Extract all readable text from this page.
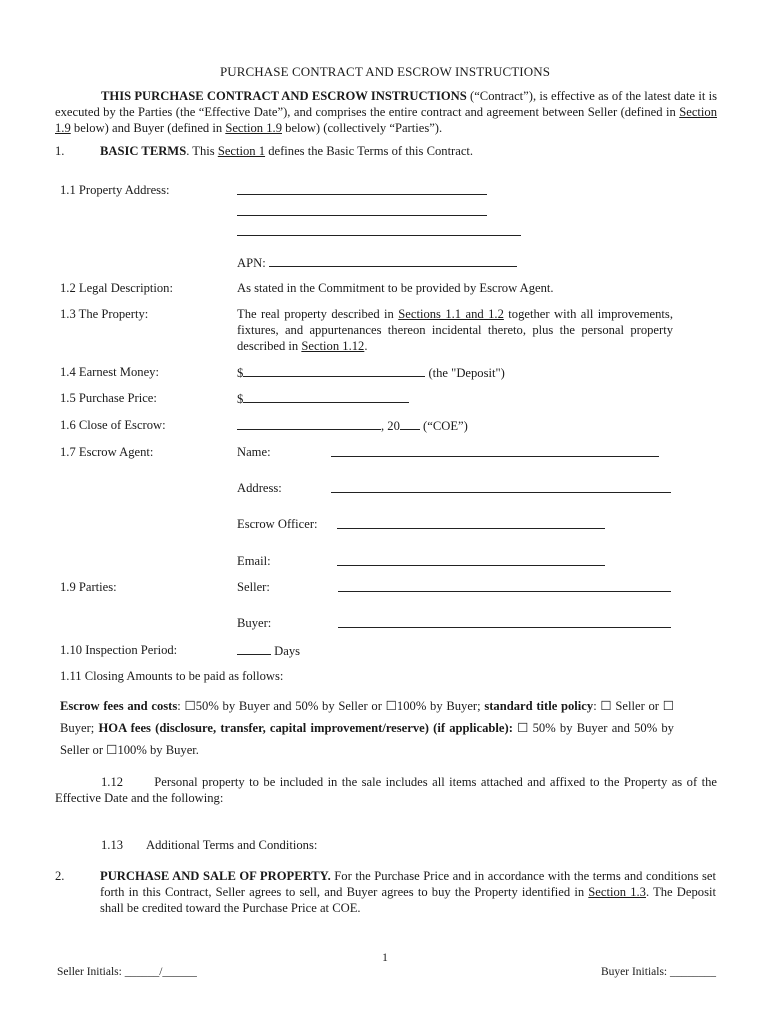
PURCHASE CONTRACT AND ESCROW INSTRUCTIONS
THIS PURCHASE CONTRACT AND ESCROW INSTRUCTIONS (“Contract”), is effective as of the latest date it is executed by the Parties (the “Effective Date”), and comprises the entire contract and agreement between Seller (defined in Section 1.9 below) and Buyer (defined in Section 1.9 below) (collectively “Parties”).
1.	BASIC TERMS. This Section 1 defines the Basic Terms of this Contract.
1.1 Property Address:
APN:
1.2 Legal Description:	As stated in the Commitment to be provided by Escrow Agent.
1.3 The Property:	The real property described in Sections 1.1 and 1.2 together with all improvements, fixtures, and appurtenances thereon incidental thereto, plus the personal property described in Section 1.12.
1.4 Earnest Money:	$	(the "Deposit")
1.5 Purchase Price:	$
1.6 Close of Escrow:	, 20 (“COE”)
1.7 Escrow Agent:	Name:
Address:
Escrow Officer:
Email:
1.9 Parties:	Seller:
Buyer:
1.10 Inspection Period:	Days
1.11 Closing Amounts to be paid as follows:
Escrow fees and costs: ☐50% by Buyer and 50% by Seller or ☐100% by Buyer; standard title policy: ☐ Seller or ☐ Buyer; HOA fees (disclosure, transfer, capital improvement/reserve) (if applicable): ☐ 50% by Buyer and 50% by Seller or ☐100% by Buyer.
1.12 Personal property to be included in the sale includes all items attached and affixed to the Property as of the Effective Date and the following:
1.13 Additional Terms and Conditions:
2.	PURCHASE AND SALE OF PROPERTY. For the Purchase Price and in accordance with the terms and conditions set forth in this Contract, Seller agrees to sell, and Buyer agrees to buy the Property identified in Section 1.3. The Deposit shall be credited toward the Purchase Price at COE.
1
Seller Initials: ______/______	Buyer Initials: ________
